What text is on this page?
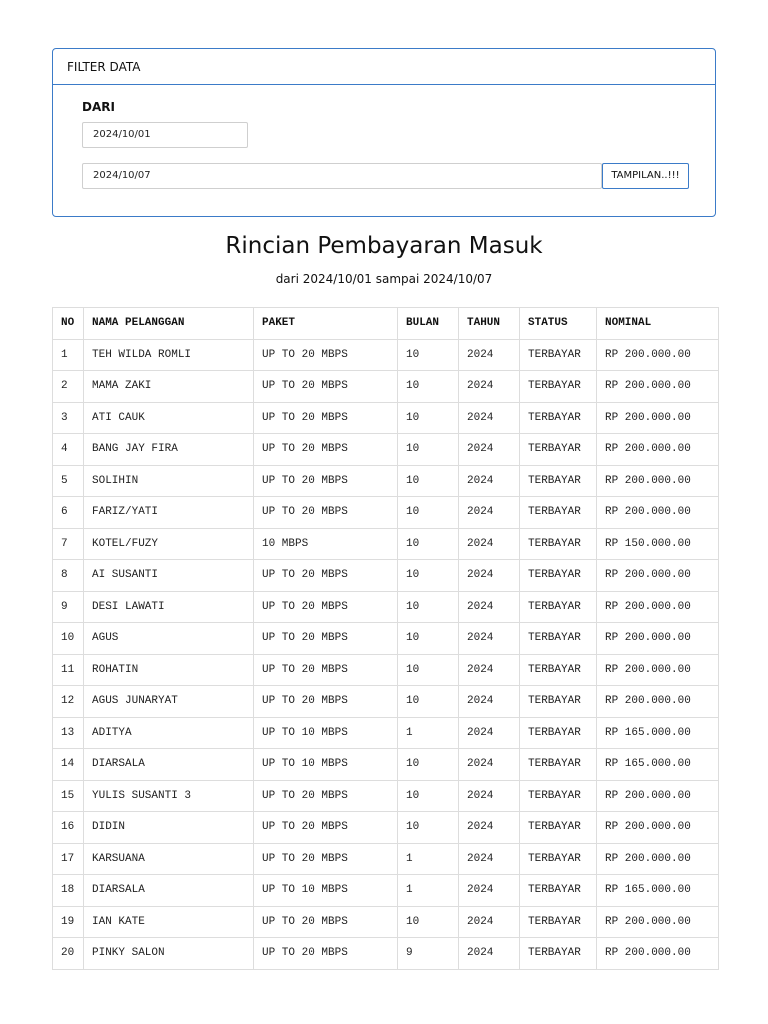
FILTER DATA
DARI
2024/10/01
2024/10/07	TAMPILAN..!!!
Rincian Pembayaran Masuk
dari 2024/10/01 sampai 2024/10/07
NO	NAMA PELANGGAN	PAKET	BULAN	TAHUN	STATUS	NOMINAL
1	TEH WILDA ROMLI	UP TO 20 MBPS	10	2024	TERBAYAR	RP 200.000.00
2	MAMA ZAKI	UP TO 20 MBPS	10	2024	TERBAYAR	RP 200.000.00
3	ATI CAUK	UP TO 20 MBPS	10	2024	TERBAYAR	RP 200.000.00
4	BANG JAY FIRA	UP TO 20 MBPS	10	2024	TERBAYAR	RP 200.000.00
5	SOLIHIN	UP TO 20 MBPS	10	2024	TERBAYAR	RP 200.000.00
6	FARIZ/YATI	UP TO 20 MBPS	10	2024	TERBAYAR	RP 200.000.00
7	KOTEL/FUZY	10 MBPS	10	2024	TERBAYAR	RP 150.000.00
8	AI SUSANTI	UP TO 20 MBPS	10	2024	TERBAYAR	RP 200.000.00
9	DESI LAWATI	UP TO 20 MBPS	10	2024	TERBAYAR	RP 200.000.00
10	AGUS	UP TO 20 MBPS	10	2024	TERBAYAR	RP 200.000.00
11	ROHATIN	UP TO 20 MBPS	10	2024	TERBAYAR	RP 200.000.00
12	AGUS JUNARYAT	UP TO 20 MBPS	10	2024	TERBAYAR	RP 200.000.00
13	ADITYA	UP TO 10 MBPS	1	2024	TERBAYAR	RP 165.000.00
14	DIARSALA	UP TO 10 MBPS	10	2024	TERBAYAR	RP 165.000.00
15	YULIS SUSANTI 3	UP TO 20 MBPS	10	2024	TERBAYAR	RP 200.000.00
16	DIDIN	UP TO 20 MBPS	10	2024	TERBAYAR	RP 200.000.00
17	KARSUANA	UP TO 20 MBPS	1	2024	TERBAYAR	RP 200.000.00
18	DIARSALA	UP TO 10 MBPS	1	2024	TERBAYAR	RP 165.000.00
19	IAN KATE	UP TO 20 MBPS	10	2024	TERBAYAR	RP 200.000.00
20	PINKY SALON	UP TO 20 MBPS	9	2024	TERBAYAR	RP 200.000.00
